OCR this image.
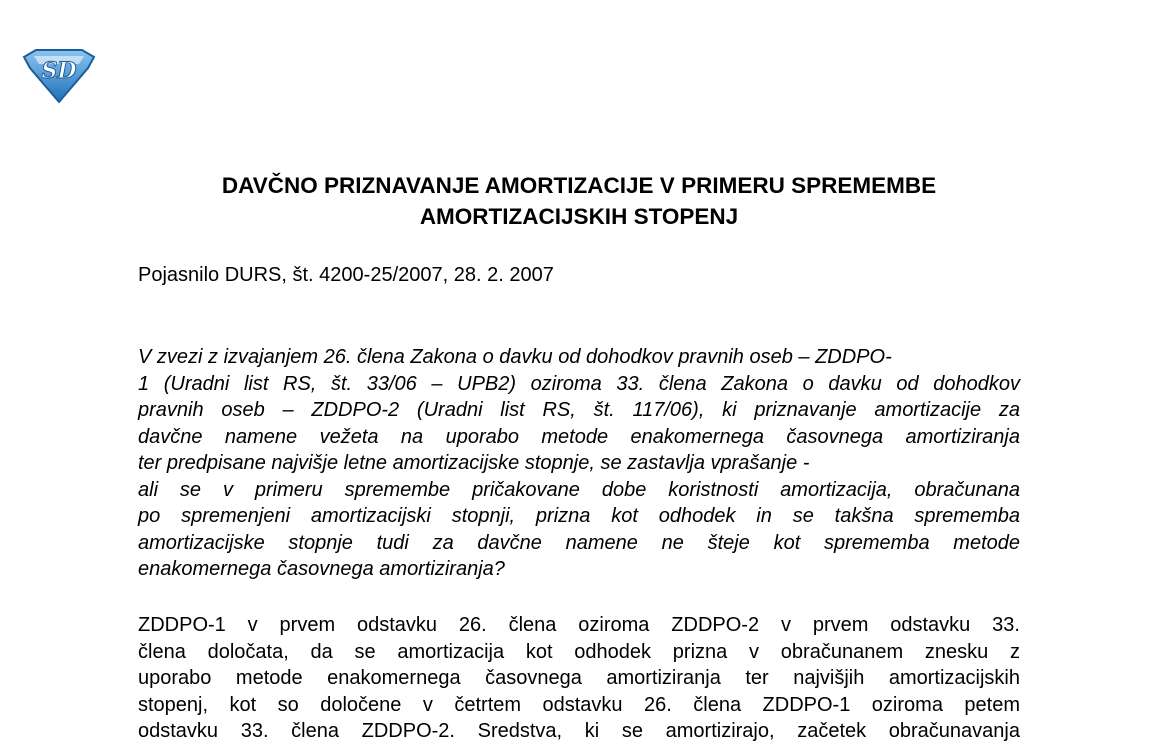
SD
DAVČNO PRIZNAVANJE AMORTIZACIJE V PRIMERU SPREMEMBE
AMORTIZACIJSKIH STOPENJ

Pojasnilo DURS, št. 4200-25/2007, 28. 2. 2007

V zvezi z izvajanjem 26. člena Zakona o davku od dohodkov pravnih oseb – ZDDPO-
1 (Uradni list RS, št. 33/06 – UPB2) oziroma 33. člena Zakona o davku od dohodkov
pravnih oseb – ZDDPO-2 (Uradni list RS, št. 117/06), ki priznavanje amortizacije za
davčne namene vežeta na uporabo metode enakomernega časovnega amortiziranja
ter predpisane najvišje letne amortizacijske stopnje, se zastavlja vprašanje -
ali se v primeru spremembe pričakovane dobe koristnosti amortizacija, obračunana
po spremenjeni amortizacijski stopnji, prizna kot odhodek in se takšna sprememba
amortizacijske stopnje tudi za davčne namene ne šteje kot sprememba metode
enakomernega časovnega amortiziranja?
ZDDPO-1 v prvem odstavku 26. člena oziroma ZDDPO-2 v prvem odstavku 33.
člena določata, da se amortizacija kot odhodek prizna v obračunanem znesku z
uporabo metode enakomernega časovnega amortiziranja ter najvišjih amortizacijskih
stopenj, kot so določene v četrtem odstavku 26. člena ZDDPO-1 oziroma petem
odstavku 33. člena ZDDPO-2. Sredstva, ki se amortizirajo, začetek obračunavanja
